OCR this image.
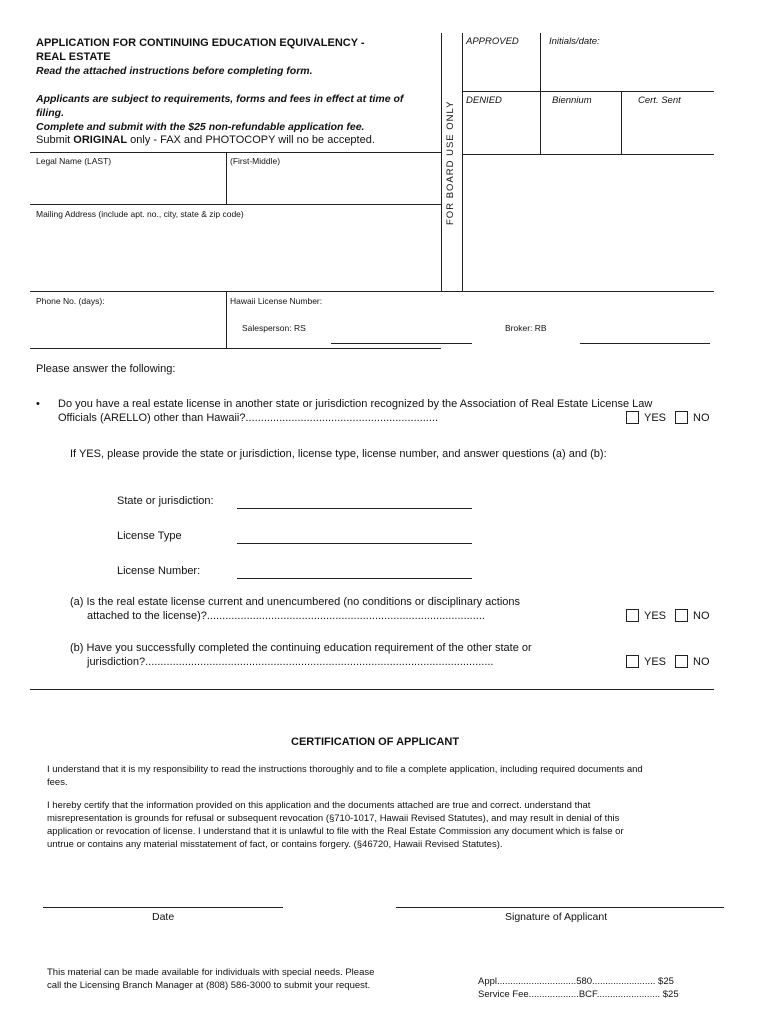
APPLICATION FOR CONTINUING EDUCATION EQUIVALENCY -
REAL ESTATE
Read the attached instructions before completing form.
Applicants are subject to requirements, forms and fees in effect at time of
filing.
Complete and submit with the $25 non-refundable application fee.
Submit ORIGINAL only - FAX and PHOTOCOPY will no be accepted.	FOR BOARD USE ONLY
APPROVED	Initials/date:
DENIED	Biennium	Cert. Sent
Legal Name (LAST)	(First-Middle)
Mailing Address (include apt. no., city, state & zip code)
Phone No. (days):	Hawaii License Number:
Salesperson: RS	Broker: RB
Please answer the following:
• Do you have a real estate license in another state or jurisdiction recognized by the Association of Real Estate License Law
Officials (ARELLO) other than Hawaii?...............................................................	YES NO
If YES, please provide the state or jurisdiction, license type, license number, and answer questions (a) and (b):
State or jurisdiction:
License Type
License Number:
(a) Is the real estate license current and unencumbered (no conditions or disciplinary actions
attached to the license)?...........................................................................................	YES NO
(b) Have you successfully completed the continuing education requirement of the other state or
jurisdiction?..................................................................................................................	YES NO
CERTIFICATION OF APPLICANT
I understand that it is my responsibility to read the instructions thoroughly and to file a complete application, including required documents and
fees.
I hereby certify that the information provided on this application and the documents attached are true and correct. understand that
misrepresentation is grounds for refusal or subsequent revocation (§710-1017, Hawaii Revised Statutes), and may result in denial of this
application or revocation of license. I understand that it is unlawful to file with the Real Estate Commission any document which is false or
untrue or contains any material misstatement of fact, or contains forgery. (§46720, Hawaii Revised Statutes).
Date	Signature of Applicant
This material can be made available for individuals with special needs. Please
call the Licensing Branch Manager at (808) 586-3000 to submit your request.	Appl..............................580........................ $25
Service Fee...................BCF........................ $25
